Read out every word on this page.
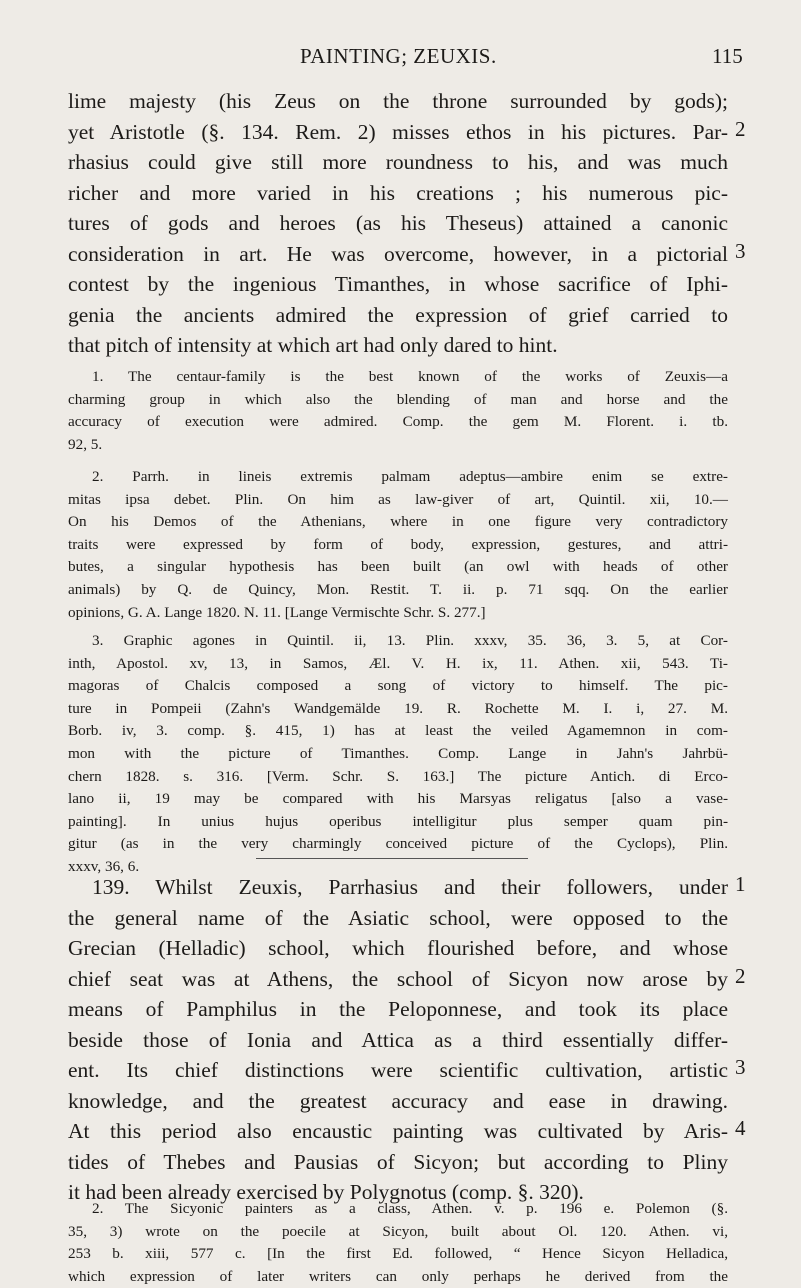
PAINTING; ZEUXIS.	115
lime majesty (his Zeus on the throne surrounded by gods);
yet Aristotle (§. 134. Rem. 2) misses ethos in his pictures. Par-
rhasius could give still more roundness to his, and was much
richer and more varied in his creations ; his numerous pic-
tures of gods and heroes (as his Theseus) attained a canonic
consideration in art. He was overcome, however, in a pictorial
contest by the ingenious Timanthes, in whose sacrifice of Iphi-
genia the ancients admired the expression of grief carried to
that pitch of intensity at which art had only dared to hint.
2
3
1. The centaur-family is the best known of the works of Zeuxis—a
charming group in which also the blending of man and horse and the
accuracy of execution were admired. Comp. the gem M. Florent. i. tb.
92, 5.
2. Parrh. in lineis extremis palmam adeptus—ambire enim se extre-
mitas ipsa debet. Plin. On him as law-giver of art, Quintil. xii, 10.—
On his Demos of the Athenians, where in one figure very contradictory
traits were expressed by form of body, expression, gestures, and attri-
butes, a singular hypothesis has been built (an owl with heads of other
animals) by Q. de Quincy, Mon. Restit. T. ii. p. 71 sqq. On the earlier
opinions, G. A. Lange 1820. N. 11. [Lange Vermischte Schr. S. 277.]
3. Graphic agones in Quintil. ii, 13. Plin. xxxv, 35. 36, 3. 5, at Cor-
inth, Apostol. xv, 13, in Samos, Æl. V. H. ix, 11. Athen. xii, 543. Ti-
magoras of Chalcis composed a song of victory to himself. The pic-
ture in Pompeii (Zahn's Wandgemälde 19. R. Rochette M. I. i, 27. M.
Borb. iv, 3. comp. §. 415, 1) has at least the veiled Agamemnon in com-
mon with the picture of Timanthes. Comp. Lange in Jahn's Jahrbü-
chern 1828. s. 316. [Verm. Schr. S. 163.] The picture Antich. di Erco-
lano ii, 19 may be compared with his Marsyas religatus [also a vase-
painting]. In unius hujus operibus intelligitur plus semper quam pin-
gitur (as in the very charmingly conceived picture of the Cyclops), Plin.
xxxv, 36, 6.
139. Whilst Zeuxis, Parrhasius and their followers, under
the general name of the Asiatic school, were opposed to the
Grecian (Helladic) school, which flourished before, and whose
chief seat was at Athens, the school of Sicyon now arose by
means of Pamphilus in the Peloponnese, and took its place
beside those of Ionia and Attica as a third essentially differ-
ent. Its chief distinctions were scientific cultivation, artistic
knowledge, and the greatest accuracy and ease in drawing.
At this period also encaustic painting was cultivated by Aris-
tides of Thebes and Pausias of Sicyon; but according to Pliny
it had been already exercised by Polygnotus (comp. §. 320).
1
2
3
4
2. The Sicyonic painters as a class, Athen. v. p. 196 e. Polemon (§.
35, 3) wrote on the poecile at Sicyon, built about Ol. 120. Athen. vi,
253 b. xiii, 577 c. [In the first Ed. followed, “ Hence Sicyon Helladica,
which expression of later writers can only perhaps he derived from the
